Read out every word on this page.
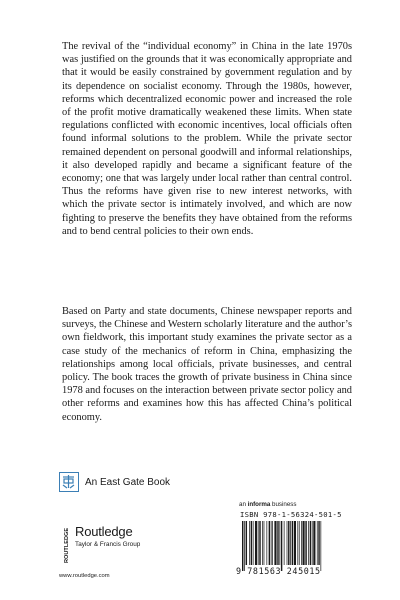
The revival of the “individual economy” in China in the late 1970s was justified on the grounds that it was economically appropriate and that it would be easily constrained by government regulation and by its dependence on socialist economy. Through the 1980s, however, reforms which decentralized economic power and increased the role of the profit motive dramatically weakened these limits. When state regulations conflicted with economic incentives, local officials often found informal solutions to the problem. While the private sector remained dependent on personal goodwill and informal relationships, it also developed rapidly and became a significant feature of the economy; one that was largely under local rather than central control. Thus the reforms have given rise to new interest networks, with which the private sector is intimately involved, and which are now fighting to preserve the benefits they have obtained from the reforms and to bend central policies to their own ends.

Based on Party and state documents, Chinese newspaper reports and surveys, the Chinese and Western scholarly literature and the author’s own fieldwork, this important study examines the private sector as a case study of the mechanics of reform in China, emphasizing the relationships among local officials, private businesses, and central policy. The book traces the growth of private business in China since 1978 and focuses on the interaction between private sector policy and other reforms and examines how this has affected China’s political economy.

An East Gate Book
an informa business
ISBN 978-1-56324-501-5
9 781563 245015
ROUTLEDGE Routledge
Taylor & Francis Group
www.routledge.com
